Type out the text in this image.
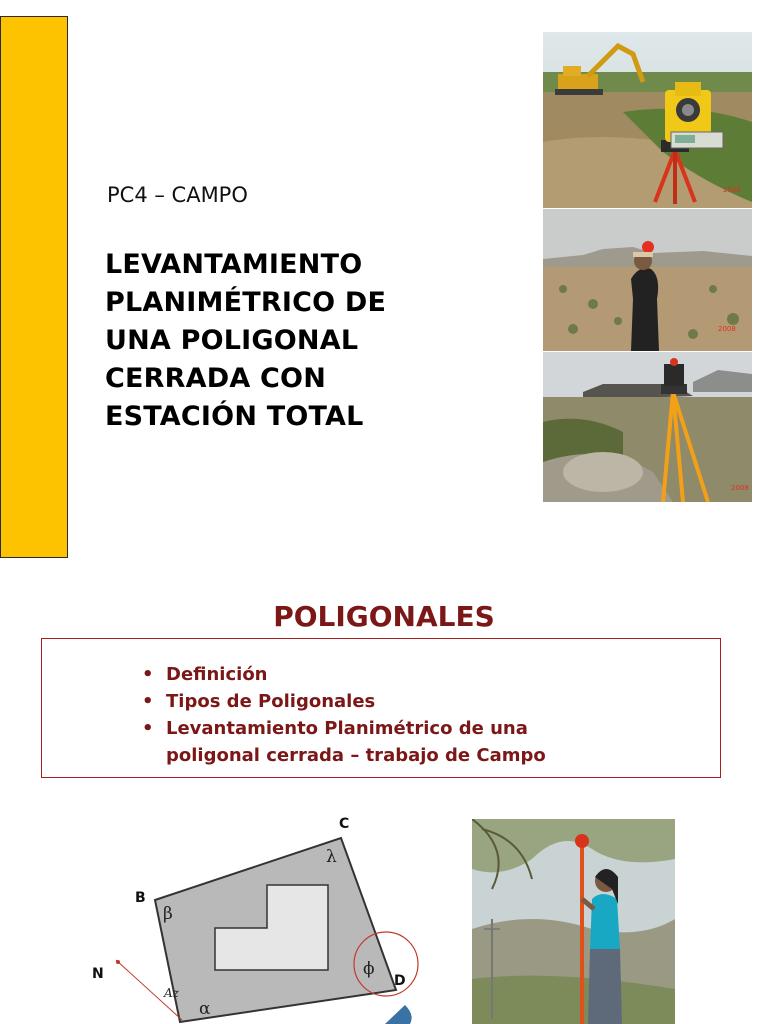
PC4 – CAMPO
LEVANTAMIENTO
PLANIMÉTRICO DE
UNA POLIGONAL
CERRADA CON
ESTACIÓN TOTAL
2008
2008
2008
POLIGONALES
• Definición
• Tipos de Poligonales
• Levantamiento Planimétrico de una
poligonal cerrada – trabajo de Campo
B
C
D
N
β
λ
ϕ
α
Az
